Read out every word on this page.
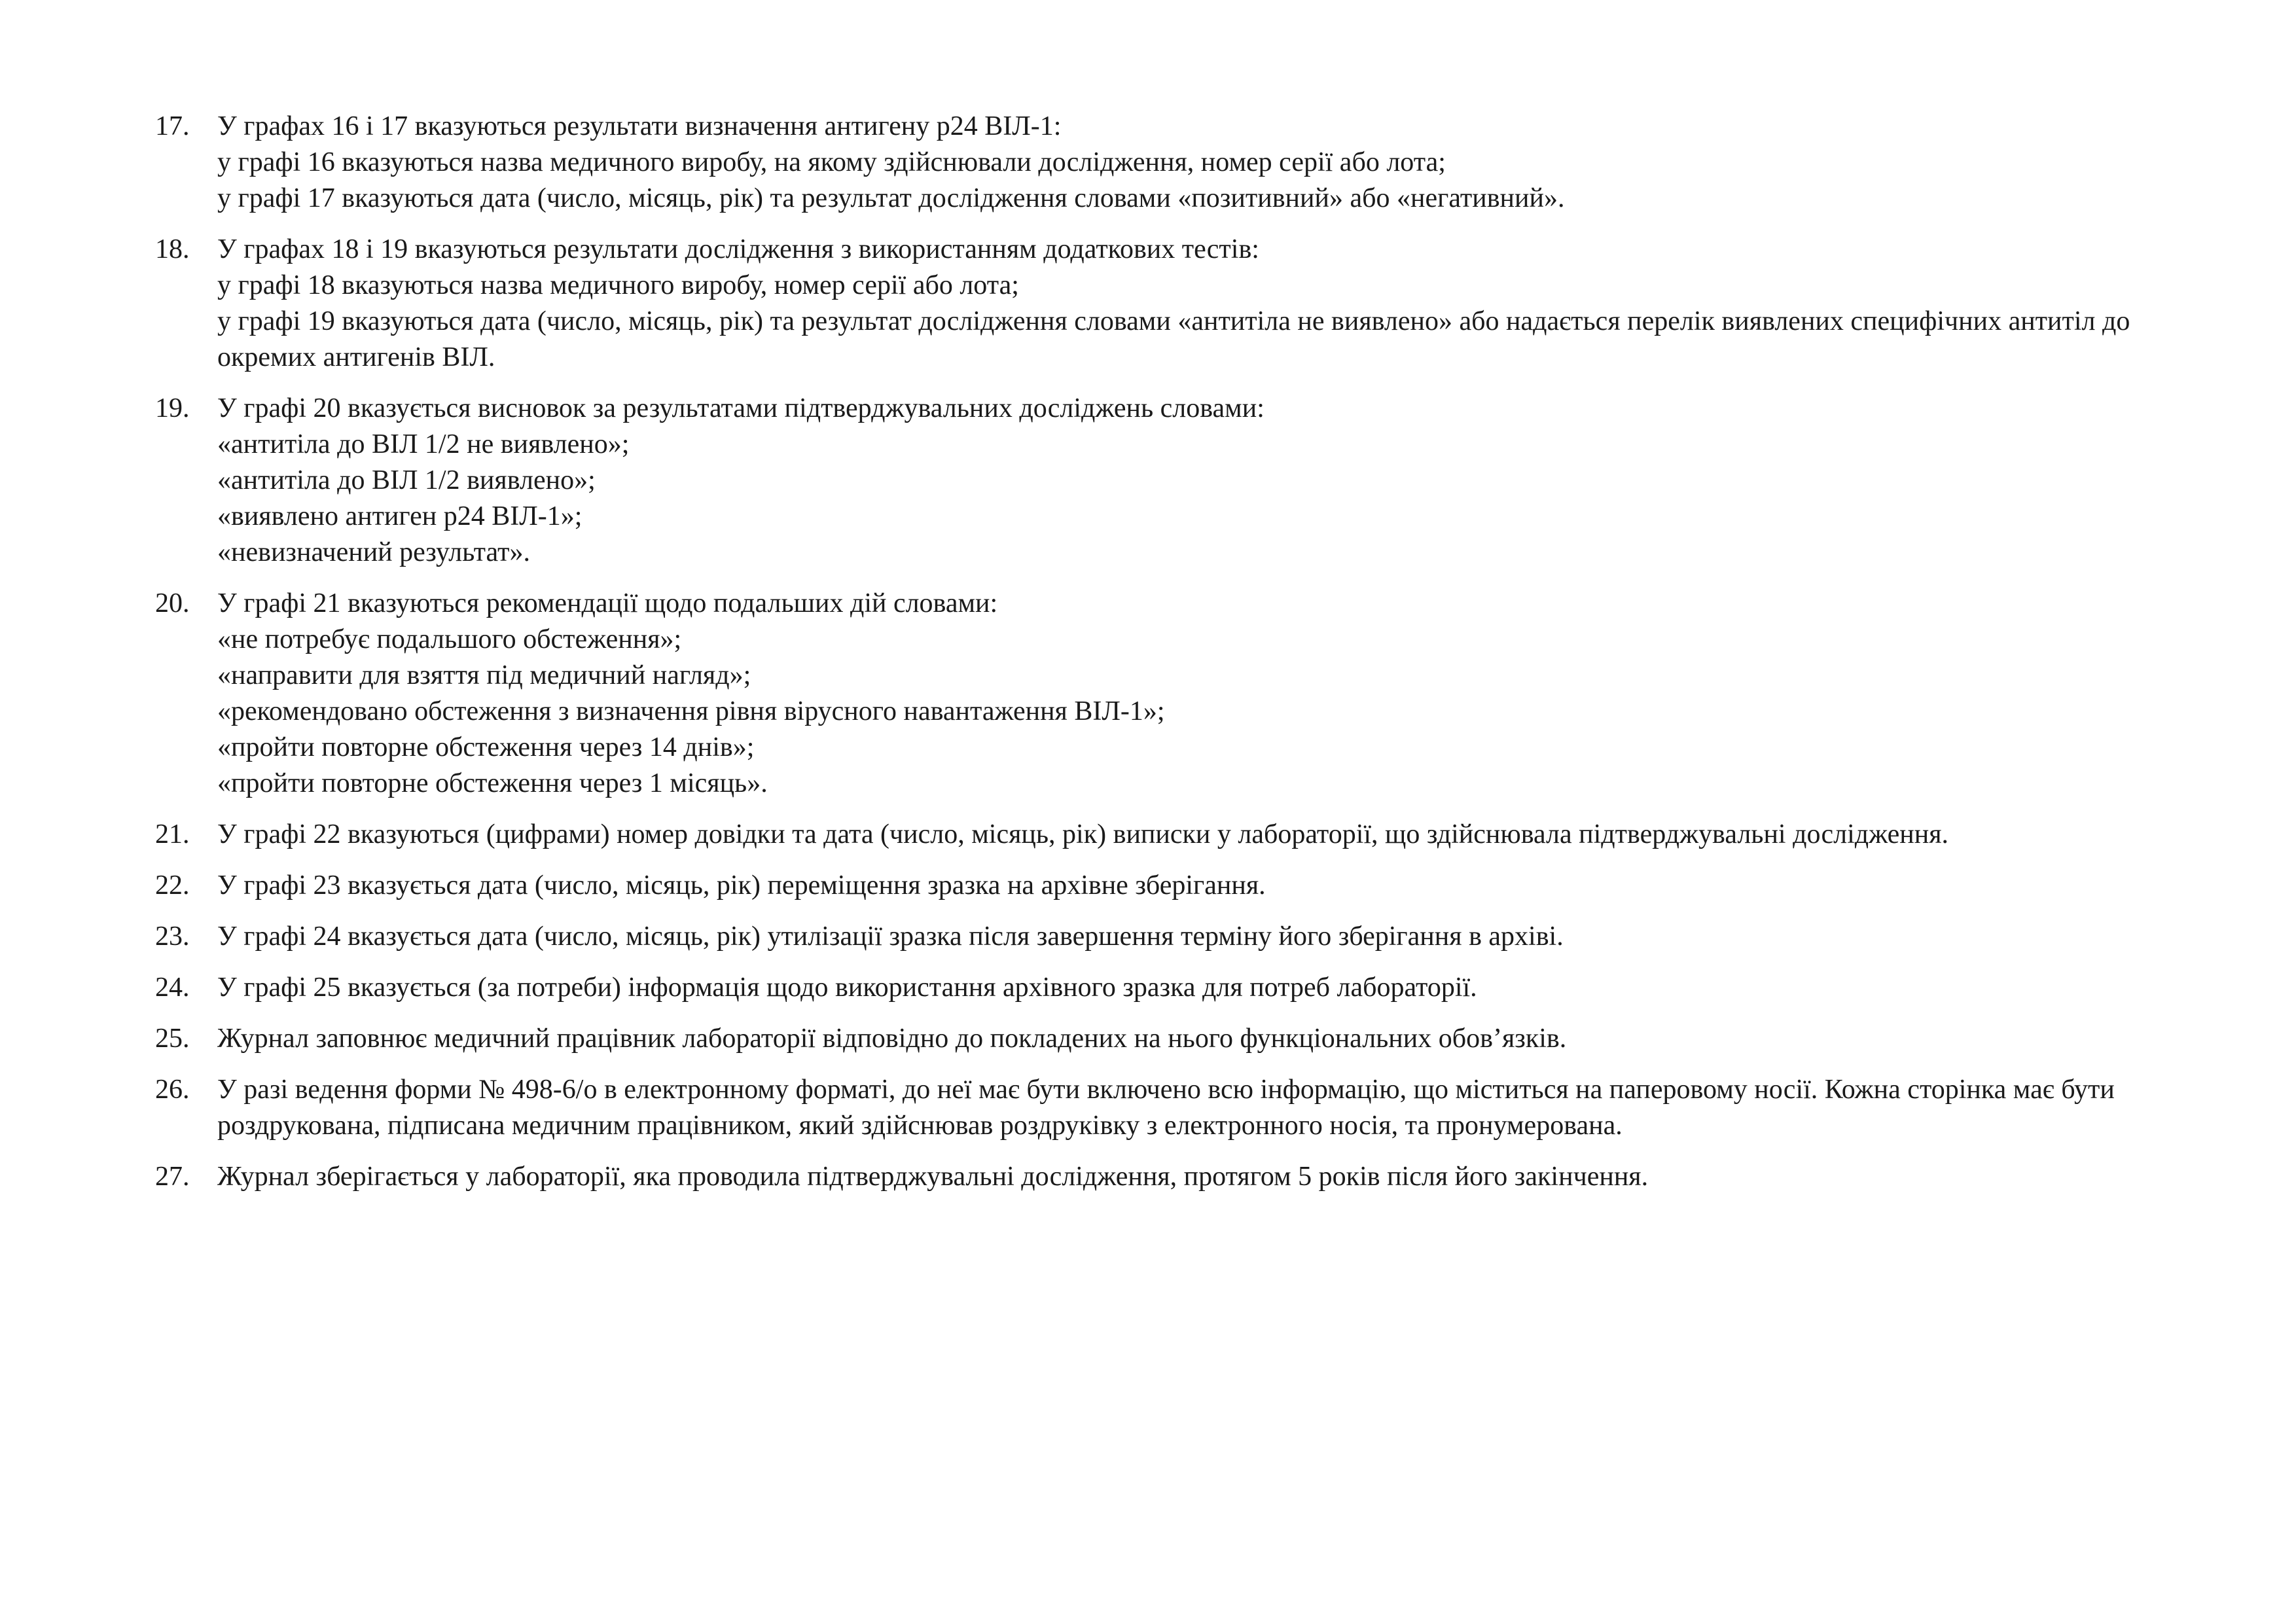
17.	У графах 16 і 17 вказуються результати визначення антигену р24 ВІЛ-1:
у графі 16 вказуються назва медичного виробу, на якому здійснювали дослідження, номер серії або лота;
у графі 17 вказуються дата (число, місяць, рік) та результат дослідження словами «позитивний» або «негативний».
18.	У графах 18 і 19 вказуються результати дослідження з використанням додаткових тестів:
у графі 18 вказуються назва медичного виробу, номер серії або лота;
у графі 19 вказуються дата (число, місяць, рік) та результат дослідження словами «антитіла не виявлено» або надається перелік виявлених специфічних антитіл до окремих антигенів ВІЛ.
19.	У графі 20 вказується висновок за результатами підтверджувальних досліджень словами:
«антитіла до ВІЛ 1/2 не виявлено»;
«антитіла до ВІЛ 1/2 виявлено»;
«виявлено антиген р24 ВІЛ-1»;
«невизначений результат».
20.	У графі 21 вказуються рекомендації щодо подальших дій словами:
«не потребує подальшого обстеження»;
«направити для взяття під медичний нагляд»;
«рекомендовано обстеження з визначення рівня вірусного навантаження ВІЛ-1»;
«пройти повторне обстеження через 14 днів»;
«пройти повторне обстеження через 1 місяць».
21.	У графі 22 вказуються (цифрами) номер довідки та дата (число, місяць, рік) виписки у лабораторії, що здійснювала підтверджувальні дослідження.
22.	У графі 23 вказується дата (число, місяць, рік) переміщення зразка на архівне зберігання.
23.	У графі 24 вказується дата (число, місяць, рік) утилізації зразка після завершення терміну його зберігання в архіві.
24.	У графі 25 вказується (за потреби) інформація щодо використання архівного зразка для потреб лабораторії.
25.	Журнал заповнює медичний працівник лабораторії відповідно до покладених на нього функціональних обов’язків.
26.	У разі ведення форми № 498-6/о в електронному форматі, до неї має бути включено всю інформацію, що міститься на паперовому носії. Кожна сторінка має бути роздрукована, підписана медичним працівником, який здійснював роздруківку з електронного носія, та пронумерована.
27.	Журнал зберігається у лабораторії, яка проводила підтверджувальні дослідження, протягом 5 років після його закінчення.
